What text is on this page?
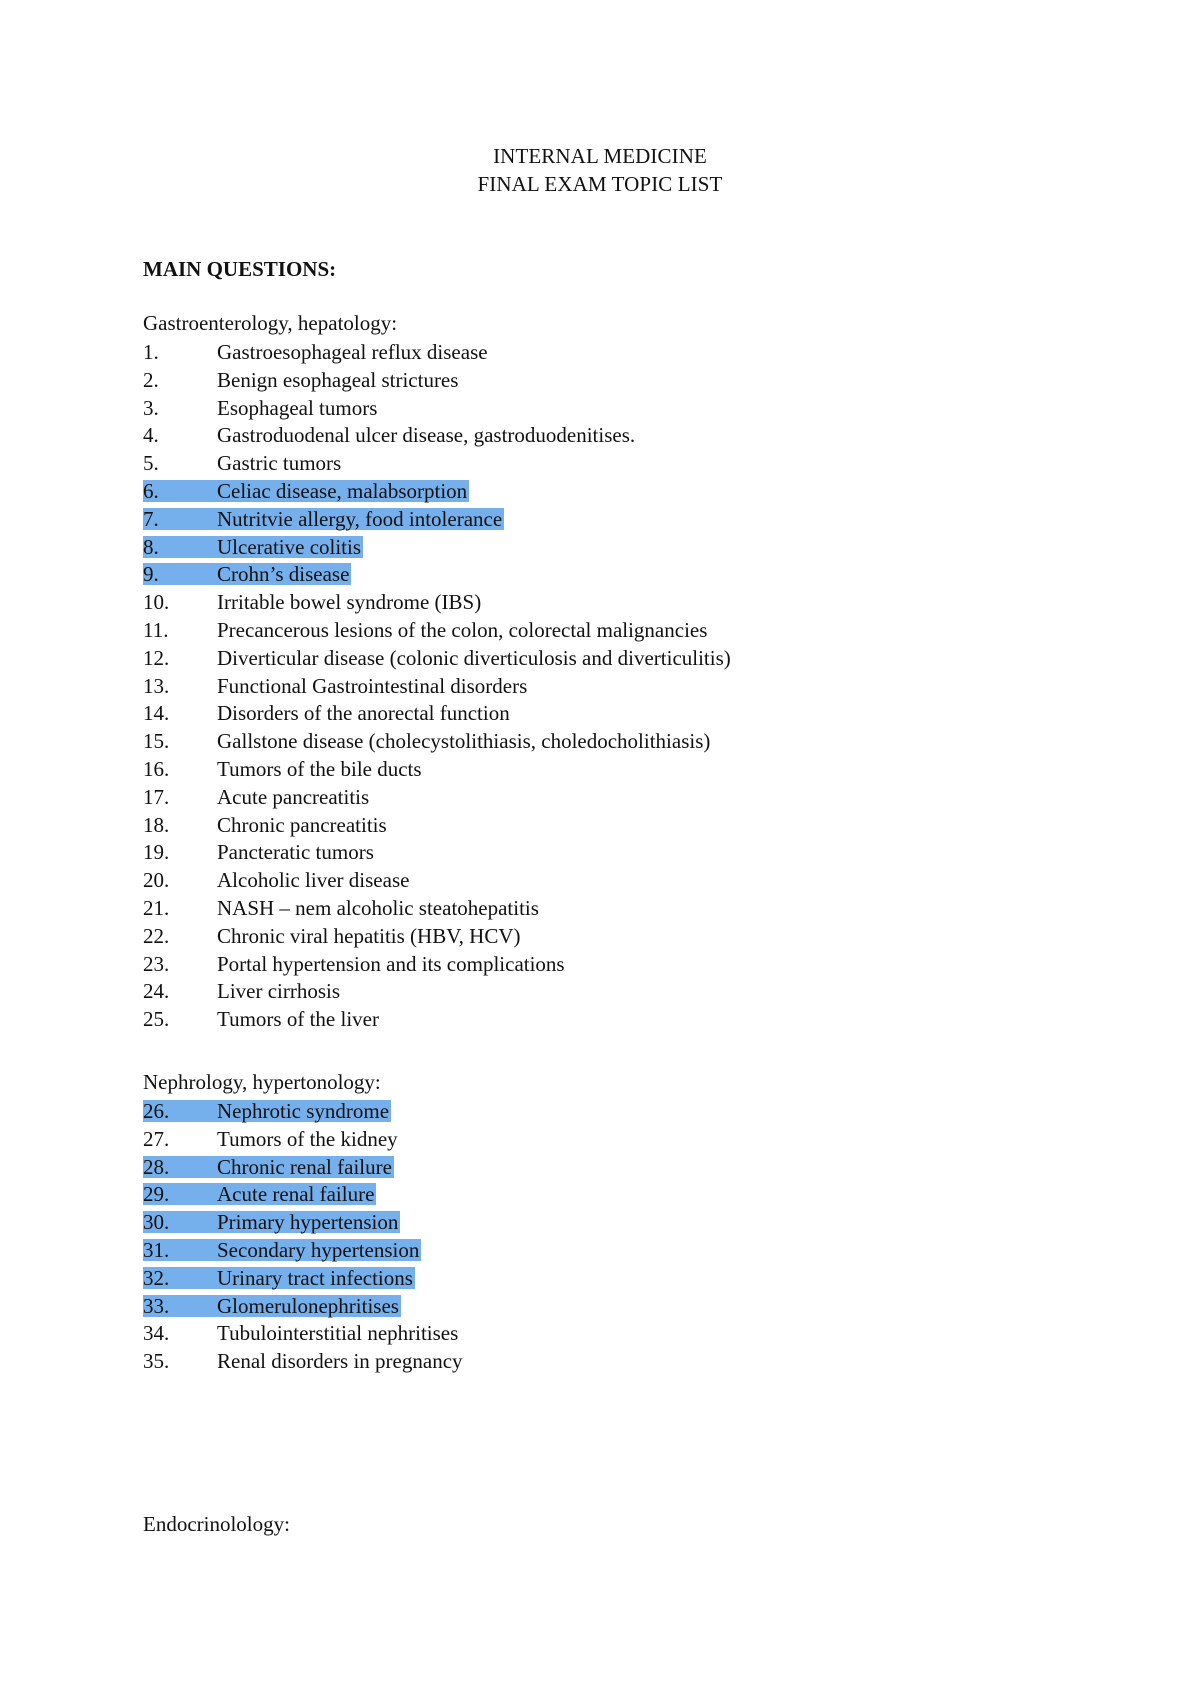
INTERNAL MEDICINE
FINAL EXAM TOPIC LIST
MAIN QUESTIONS:
Gastroenterology, hepatology:
1.	Gastroesophageal reflux disease
2.	Benign esophageal strictures
3.	Esophageal tumors
4.	Gastroduodenal ulcer disease, gastroduodenitises.
5.	Gastric tumors
6.	Celiac disease, malabsorption
7.	Nutritvie allergy, food intolerance
8.	Ulcerative colitis
9.	Crohn’s disease
10. Irritable bowel syndrome (IBS)
11. Precancerous lesions of the colon, colorectal malignancies
12. Diverticular disease (colonic diverticulosis and diverticulitis)
13. Functional Gastrointestinal disorders
14. Disorders of the anorectal function
15. Gallstone disease (cholecystolithiasis, choledocholithiasis)
16. Tumors of the bile ducts
17. Acute pancreatitis
18. Chronic pancreatitis
19. Pancteratic tumors
20. Alcoholic liver disease
21. NASH – nem alcoholic steatohepatitis
22. Chronic viral hepatitis (HBV, HCV)
23. Portal hypertension and its complications
24. Liver cirrhosis
25. Tumors of the liver
Nephrology, hypertonology:
26. Nephrotic syndrome
27. Tumors of the kidney
28. Chronic renal failure
29. Acute renal failure
30. Primary hypertension
31. Secondary hypertension
32. Urinary tract infections
33. Glomerulonephritises
34. Tubulointerstitial nephritises
35. Renal disorders in pregnancy
Endocrinolology:
